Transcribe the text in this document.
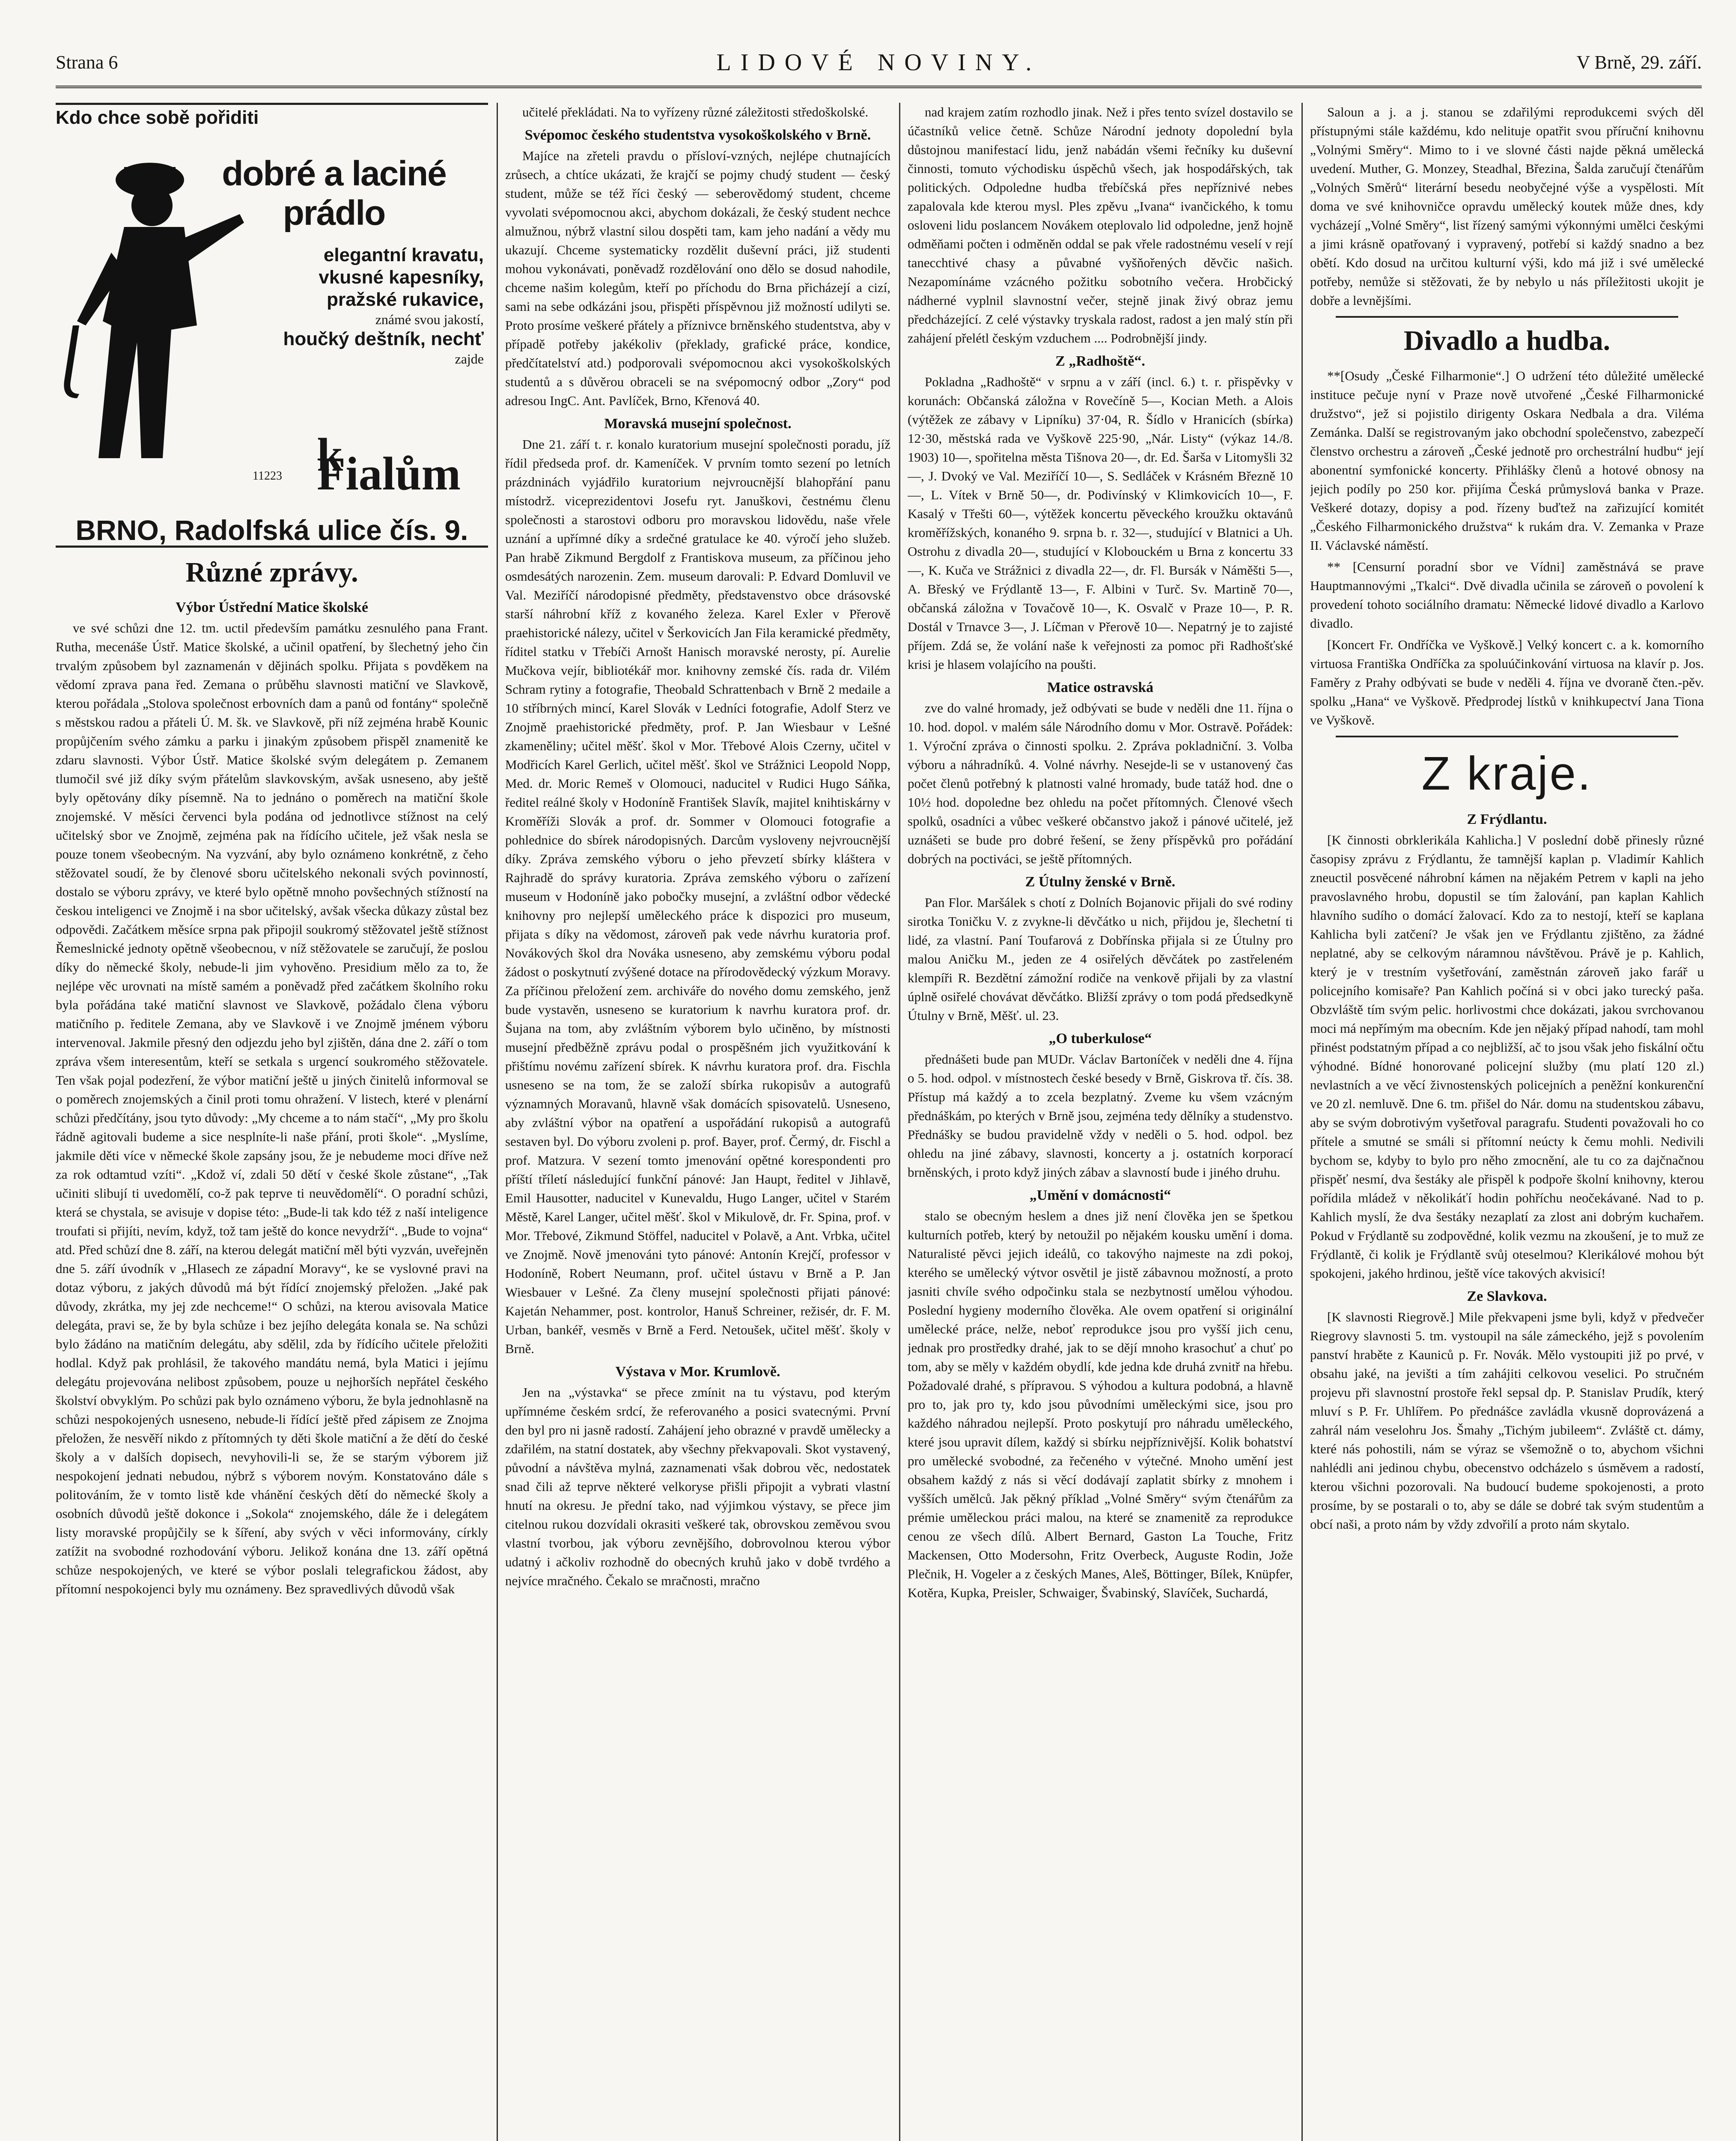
Strana 6	LIDOVÉ NOVINY.	V Brně, 29. září.
Kdo chce sobě pořiditi
dobré a laciné prádlo
elegantní kravatu,
vkusné kapesníky,
pražské rukavice,
známé svou jakostí,
houčký deštník, nechť
zajde
11223 k Fialům
BRNO, Radolfská ulice čís. 9.
Různé zprávy.

Výbor Ústřední Matice školské

ve své schůzi dne 12. tm. uctil především památku zesnulého pana Frant. Rutha, mecenáše Ústř. Matice školské, a učinil opatření, by šlechetný jeho čin trvalým způsobem byl zaznamenán v dějinách spolku. Přijata s povděkem na vědomí zprava pana řed. Zemana o průběhu slavnosti matiční ve Slavkově, kterou pořádala „Stolova společnost erbovních dam a panů od fontány“ společně s městskou radou a přáteli Ú. M. šk. ve Slavkově, při níž zejména hrabě Kounic propůjčením svého zámku a parku i jinakým způsobem přispěl znamenitě ke zdaru slavnosti. Výbor Ústř. Matice školské svým delegátem p. Zemanem tlumočil své již díky svým přátelům slavkovským, avšak usneseno, aby ještě byly opětovány díky písemně. Na to jednáno o poměrech na matiční škole znojemské. V měsíci červenci byla podána od jednotlivce stížnost na celý učitelský sbor ve Znojmě, zejména pak na řídícího učitele, jež však nesla se pouze tonem všeobecným. Na vyzvání, aby bylo oznámeno konkrétně, z čeho stěžovatel soudí, že by členové sboru učitelského nekonali svých povinností, dostalo se výboru zprávy, ve které bylo opětně mnoho povšechných stížností na českou inteligenci ve Znojmě i na sbor učitelský, avšak všecka důkazy zůstal bez odpovědi. Začátkem měsíce srpna pak připojil soukromý stěžovatel ještě stížnost Řemeslnické jednoty opětně všeobecnou, v níž stěžovatele se zaručují, že poslou díky do německé školy, nebude-li jim vyhověno. Presidium mělo za to, že nejlépe věc urovnati na místě samém a poněvadž před začátkem školního roku byla pořádána také matiční slavnost ve Slavkově, požádalo člena výboru matičního p. ředitele Zemana, aby ve Slavkově i ve Znojmě jménem výboru intervenoval. Jakmile přesný den odjezdu jeho byl zjištěn, dána dne 2. září o tom zpráva všem interesentům, kteří se setkala s urgencí soukromého stěžovatele. Ten však pojal podezření, že výbor matiční ještě u jiných činitelů informoval se o poměrech znojemských a činil proti tomu ohražení. V listech, které v plenární schůzi předčítány, jsou tyto důvody: „My chceme a to nám stačí“, „My pro školu řádně agitovali budeme a sice nesplníte-li naše přání, proti škole“. „Myslíme, jakmile děti více v německé škole zapsány jsou, že je nebudeme moci dříve než za rok odtamtud vzíti“. „Kdož ví, zdali 50 dětí v české škole zůstane“, „Tak učiniti slibují ti uvedomělí, co-ž pak teprve ti neuvědomělí“. O poradní schůzi, která se chystala, se avisuje v dopise této: „Bude-li tak kdo též z naší inteligence troufati si přijíti, nevím, když, tož tam ještě do konce nevydrží“. „Bude to vojna“ atd. Před schůzí dne 8. září, na kterou delegát matiční měl býti vyzván, uveřejněn dne 5. září úvodník v „Hlasech ze západní Moravy“, ke se vyslovné pravi na dotaz výboru, z jakých důvodů má být řídící znojemský přeložen. „Jaké pak důvody, zkrátka, my jej zde nechceme!“ O schůzi, na kterou avisovala Matice delegáta, pravi se, že by byla schůze i bez jejího delegáta konala se. Na schůzi bylo žádáno na matičním delegátu, aby sdělil, zda by řídícího učitele přeložiti hodlal. Když pak prohlásil, že takového mandátu nemá, byla Matici i jejímu delegátu projevována nelibost způsobem, pouze u nejhorších nepřátel českého školství obvyklým. Po schůzi pak bylo oznámeno výboru, že byla jednohlasně na schůzi nespokojených usneseno, nebude-li řídící ještě před zápisem ze Znojma přeložen, že nesvěří nikdo z přítomných ty děti škole matiční a že dětí do české školy a v dalších dopisech, nevyhovili-li se, že se starým výborem již nespokojení jednati nebudou, nýbrž s výborem novým. Konstatováno dále s politováním, že v tomto listě kde vhánění českých dětí do německé školy a osobních důvodů ještě dokonce i „Sokola“ znojemského, dále že i delegátem listy moravské propůjčily se k šíření, aby svých v věci informovány, církly zatížit na svobodné rozhodování výboru. Jelikož konána dne 13. září opětná schůze nespokojených, ve které se výbor poslali telegrafickou žádost, aby přítomní nespokojenci byly mu oznámeny. Bez spravedlivých důvodů však

učitelé překládati. Na to vyřízeny různé záležitosti středoškolské.

Svépomoc českého studentstva vysokoškolského v Brně.

Majíce na zřeteli pravdu o přísloví-vzných, nejlépe chutnajících zrůsech, a chtíce ukázati, že krajčí se pojmy chudý student — český student, může se též říci český — seberovědomý student, chceme vyvolati svépomocnou akci, abychom dokázali, že český student nechce almužnou, nýbrž vlastní silou dospěti tam, kam jeho nadání a vědy mu ukazují. Chceme systematicky rozdělit duševní práci, již studenti mohou vykonávati, poněvadž rozdělování ono dělo se dosud nahodile, chceme našim kolegům, kteří po příchodu do Brna přicházejí a cizí, sami na sebe odkázáni jsou, přispěti příspěvnou již možností udilyti se. Proto prosíme veškeré přátely a příznivce brněnského studentstva, aby v případě potřeby jakékoliv (překlady, grafické práce, kondice, předčítatelství atd.) podporovali svépomocnou akci vysokoškolských studentů a s důvěrou obraceli se na svépomocný odbor „Zory“ pod adresou IngC. Ant. Pavlíček, Brno, Křenová 40.

Moravská musejní společnost.

Dne 21. září t. r. konalo kuratorium musejní společnosti poradu, jíž řídil předseda prof. dr. Kameníček. V prvním tomto sezení po letních prázdninách vyjádřilo kuratorium nejvroucnější blahopřání panu místodrž. viceprezidentovi Josefu ryt. Januškovi, čestnému členu společnosti a starostovi odboru pro moravskou lidovědu, naše vřele uznání a upřímné díky a srdečné gratulace ke 40. výročí jeho služeb. Pan hrabě Zikmund Bergdolf z Frantiskova museum, za příčinou jeho osmdesátých narozenin. Zem. museum darovali: P. Edvard Domluvil ve Val. Meziříčí národopisné předměty, představenstvo obce drásovské starší náhrobní kříž z kovaného železa. Karel Exler v Přerově praehistorické nálezy, učitel v Šerkovicích Jan Fila keramické předměty, říditel statku v Třebíči Arnošt Hanisch moravské nerosty, pí. Aurelie Mučkova vejír, bibliotékář mor. knihovny zemské čís. rada dr. Vilém Schram rytiny a fotografie, Theobald Schrattenbach v Brně 2 medaile a 10 stříbrných mincí, Karel Slovák v Ledníci fotografie, Adolf Sterz ve Znojmě praehistorické předměty, prof. P. Jan Wiesbaur v Lešné zkameněliny; učitel měšť. škol v Mor. Třebové Alois Czerny, učitel v Modřicích Karel Gerlich, učitel měšť. škol ve Strážnici Leopold Nopp, Med. dr. Moric Remeš v Olomouci, naducitel v Rudici Hugo Sáňka, ředitel reálné školy v Hodoníně František Slavík, majitel knihtiskárny v Kroměříži Slovák a prof. dr. Sommer v Olomouci fotografie a pohlednice do sbírek národopisných. Darcům vysloveny nejvroucnější díky. Zpráva zemského výboru o jeho převzetí sbírky kláštera v Rajhradě do správy kuratoria. Zpráva zemského výboru o zařízení museum v Hodoníně jako pobočky musejní, a zvláštní odbor vědecké knihovny pro nejlepší uměleckého práce k dispozici pro museum, přijata s díky na vědomost, zároveň pak vede návrhu kuratoria prof. Novákových škol dra Nováka usneseno, aby zemskému výboru podal žádost o poskytnutí zvýšené dotace na přírodovědecký výzkum Moravy. Za příčinou přeložení zem. archiváře do nového domu zemského, jenž bude vystavěn, usneseno se kuratorium k navrhu kuratora prof. dr. Šujana na tom, aby zvláštním výborem bylo učiněno, by místnosti musejní předběžně zprávu podal o prospěšném jich využitkování k přištímu novému zařízení sbírek. K návrhu kuratora prof. dra. Fischla usneseno se na tom, že se založí sbírka rukopisův a autografů významných Moravanů, hlavně však domácích spisovatelů. Usneseno, aby zvláštní výbor na opatření a uspořádání rukopisů a autografů sestaven byl. Do výboru zvoleni p. prof. Bayer, prof. Čermý, dr. Fischl a prof. Matzura. V sezení tomto jmenování opětné korespondenti pro příští tříletí následující funkční pánové: Jan Haupt, ředitel v Jihlavě, Emil Hausotter, naducitel v Kunevaldu, Hugo Langer, učitel v Starém Městě, Karel Langer, učitel měšť. škol v Mikulově, dr. Fr. Spina, prof. v Mor. Třebové, Zikmund Stöffel, naducitel v Polavě, a Ant. Vrbka, učitel ve Znojmě. Nově jmenováni tyto pánové: Antonín Krejčí, professor v Hodoníně, Robert Neumann, prof. učitel ústavu v Brně a P. Jan Wiesbauer v Lešné. Za členy musejní společnosti přijati pánové: Kajetán Nehammer, post. kontrolor, Hanuš Schreiner, režisér, dr. F. M. Urban, bankéř, vesměs v Brně a Ferd. Netoušek, učitel měšť. školy v Brně.

Výstava v Mor. Krumlově.

Jen na „výstavka“ se přece zmínit na tu výstavu, pod kterým upřímnéme českém srdcí, že referovaného a posici svatecnými. První den byl pro ni jasně radostí. Zahájení jeho obrazné v pravdě umělecky a zdařilém, na statní dostatek, aby všechny překvapovali. Skot vystavený, původní a návštěva mylná, zaznamenati však dobrou věc, nedostatek snad čili až teprve některé velkoryse přišli připojit a vybrati vlastní hnutí na okresu. Je přední tako, nad výjimkou výstavy, se přece jim citelnou rukou dozvídali okrasiti veškeré tak, obrovskou zeměvou svou vlastní tvorbou, jak výboru zevnějšího, dobrovolnou kterou výbor udatný i ačkoliv rozhodně do obecných kruhů jako v době tvrdého a nejvíce mračného. Čekalo se mračnosti, mračno

nad krajem zatím rozhodlo jinak. Než i přes tento svízel dostavilo se účastníků velice četně. Schůze Národní jednoty dopolední byla důstojnou manifestací lidu, jenž nabádán všemi řečníky ku duševní činnosti, tomuto východisku úspěchů všech, jak hospodářských, tak politických. Odpoledne hudba třebíčská přes nepříznivé nebes zapalovala kde kterou mysl. Ples zpěvu „Ivana“ ivančického, k tomu osloveni lidu poslancem Novákem oteplovalo lid odpoledne, jenž hojně odměňami počten i odměněn oddal se pak vřele radostnému veselí v rejí tanecchtivé chasy a půvabné vyšňořených děvčic našich. Nezapomínáme vzácného požitku sobotního večera. Hrobčický nádherné vyplnil slavnostní večer, stejně jinak živý obraz jemu předcházející. Z celé výstavky tryskala radost, radost a jen malý stín při zahájení přelétl českým vzduchem .... Podrobnější jindy.

Z „Radhoště“.

Pokladna „Radhoště“ v srpnu a v září (incl. 6.) t. r. přispěvky v korunách: Občanská záložna v Rovečíně 5—, Kocian Meth. a Alois (výtěžek ze zábavy v Lipníku) 37·04, R. Šídlo v Hranicích (sbírka) 12·30, městská rada ve Vyškově 225·90, „Nár. Listy“ (výkaz 14./8. 1903) 10—, spořitelna města Tišnova 20—, dr. Ed. Šarša v Litomyšli 32—, J. Dvoký ve Val. Meziříčí 10—, S. Sedláček v Krásném Březně 10—, L. Vítek v Brně 50—, dr. Podivínský v Klimkovicích 10—, F. Kasalý v Třešti 60—, výtěžek koncertu pěveckého kroužku oktavánů kroměřížských, konaného 9. srpna b. r. 32—, studující v Blatnici a Uh. Ostrohu z divadla 20—, studující v Klobouckém u Brna z koncertu 33—, K. Kuča ve Strážnici z divadla 22—, dr. Fl. Bursák v Náměšti 5—, A. Břeský ve Frýdlantě 13—, F. Albini v Turč. Sv. Martině 70—, občanská záložna v Tovačově 10—, K. Osvalč v Praze 10—, P. R. Dostál v Trnavce 3—, J. Líčman v Přerově 10—. Nepatrný je to zajisté příjem. Zdá se, že volání naše k veřejnosti za pomoc při Radhošťské krisi je hlasem volajícího na poušti.

Matice ostravská

zve do valné hromady, jež odbývati se bude v neděli dne 11. října o 10. hod. dopol. v malém sále Národního domu v Mor. Ostravě. Pořádek: 1. Výroční zpráva o činnosti spolku. 2. Zpráva pokladniční. 3. Volba výboru a náhradníků. 4. Volné návrhy. Nesejde-li se v ustanovený čas počet členů potřebný k platnosti valné hromady, bude tatáž hod. dne o 10½ hod. dopoledne bez ohledu na počet přítomných. Členové všech spolků, osadníci a vůbec veškeré občanstvo jakož i pánové učitelé, jež uznášeti se bude pro dobré řešení, se ženy příspěvků pro pořádání dobrých na poctiváci, se ještě přítomných.

Z Útulny ženské v Brně.

Pan Flor. Maršálek s chotí z Dolních Bojanovic přijali do své rodiny sirotka Toničku V. z zvykne-li děvčátko u nich, přijdou je, šlechetní ti lidé, za vlastní. Paní Toufarová z Dobřínska přijala si ze Útulny pro malou Aničku M., jeden ze 4 osiřelých děvčátek po zastřeleném klempíři R. Bezdětní zámožní rodiče na venkově přijali by za vlastní úplně osiřelé chovávat děvčátko. Bližší zprávy o tom podá předsedkyně Útulny v Brně, Měšť. ul. 23.

„O tuberkulose“

přednášeti bude pan MUDr. Václav Bartoníček v neděli dne 4. října o 5. hod. odpol. v místnostech české besedy v Brně, Giskrova tř. čís. 38. Přístup má každý a to zcela bezplatný. Zveme ku všem vzácným přednáškám, po kterých v Brně jsou, zejména tedy dělníky a studenstvo. Přednášky se budou pravidelně vždy v neděli o 5. hod. odpol. bez ohledu na jiné zábavy, slavnosti, koncerty a j. ostatních korporací brněnských, i proto když jiných zábav a slavností bude i jiného druhu.

„Umění v domácnosti“

stalo se obecným heslem a dnes již není člověka jen se špetkou kulturních potřeb, který by netoužil po nějakém kousku umění i doma. Naturalisté pěvci jejich ideálů, co takovýho najmeste na zdi pokoj, kterého se umělecký výtvor osvětil je jistě zábavnou možností, a proto jasniti chvíle svého odpočinku stala se nezbytností umělou výhodou. Poslední hygieny moderního člověka. Ale ovem opatření si originální umělecké práce, nelže, neboť reprodukce jsou pro vyšší jich cenu, jednak pro prostředky drahé, jak to se dějí mnoho krasochuť a chuť po tom, aby se měly v každém obydlí, kde jedna kde druhá zvnitř na hřebu. Požadovalé drahé, s přípravou. S výhodou a kultura podobná, a hlavně pro to, jak pro ty, kdo jsou původními uměleckými sice, jsou pro každého náhradou nejlepší. Proto poskytují pro náhradu uměleckého, které jsou upravit dílem, každý si sbírku nejpříznivější. Kolik bohatství pro umělecké svobodné, za řečeného v výtečné. Mnoho umění jest obsahem každý z nás si věcí dodávají zaplatit sbírky z mnohem i vyšších umělců. Jak pěkný příklad „Volné Směry“ svým čtenářům za prémie uměleckou práci malou, na které se znamenitě za reprodukce cenou ze všech dílů. Albert Bernard, Gaston La Touche, Fritz Mackensen, Otto Modersohn, Fritz Overbeck, Auguste Rodin, Jože Plečnik, H. Vogeler a z českých Manes, Aleš, Böttinger, Bílek, Knüpfer, Kotěra, Kupka, Preisler, Schwaiger, Švabinský, Slavíček, Suchardá,

Saloun a j. a j. stanou se zdařilými reprodukcemi svých děl přístupnými stále každému, kdo nelituje opatřit svou příruční knihovnu „Volnými Směry“. Mimo to i ve slovné části najde pěkná umělecká uvedení. Muther, G. Monzey, Steadhal, Březina, Šalda zaručují čtenářům „Volných Směrů“ literární besedu neobyčejné výše a vyspělosti. Mít doma ve své knihovničce opravdu umělecký koutek může dnes, kdy vycházejí „Volné Směry“, list řízený samými výkonnými umělci českými a jimi krásně opatřovaný i vypravený, potřebí si každý snadno a bez obětí. Kdo dosud na určitou kulturní výši, kdo má již i své umělecké potřeby, nemůže si stěžovati, že by nebylo u nás příležitosti ukojit je dobře a levnějšími.

Divadlo a hudba.

**[Osudy „České Filharmonie“.] O udržení této důležité umělecké instituce pečuje nyní v Praze nově utvořené „České Filharmonické družstvo“, jež si pojistilo dirigenty Oskara Nedbala a dra. Viléma Zemánka. Další se registrovaným jako obchodní společenstvo, zabezpečí členstvo orchestru a zároveň „České jednotě pro orchestrální hudbu“ její abonentní symfonické koncerty. Přihlášky členů a hotové obnosy na jejich podíly po 250 kor. přijíma Česká průmyslová banka v Praze. Veškeré dotazy, dopisy a pod. řízeny buďtež na zařizující komitét „Českého Filharmonického družstva“ k rukám dra. V. Zemanka v Praze II. Václavské náměstí.

** [Censurní poradní sbor ve Vídni] zaměstnává se prave Hauptmannovými „Tkalci“. Dvě divadla učinila se zároveň o povolení k provedení tohoto sociálního dramatu: Německé lidové divadlo a Karlovo divadlo.

[Koncert Fr. Ondříčka ve Vyškově.] Velký koncert c. a k. komorního virtuosa Františka Ondříčka za spoluúčinkování virtuosa na klavír p. Jos. Faměry z Prahy odbývati se bude v neděli 4. října ve dvoraně čten.-pěv. spolku „Hana“ ve Vyškově. Předprodej lístků v knihkupectví Jana Tiona ve Vyškově.

Z kraje.

Z Frýdlantu.

[K činnosti obrklerikála Kahlicha.] V poslední době přinesly různé časopisy zprávu z Frýdlantu, že tamnější kaplan p. Vladimír Kahlich zneuctil posvěcené náhrobní kámen na nějakém Petrem v kapli na jeho pravoslavného hrobu, dopustil se tím žalování, pan kaplan Kahlich hlavního sudího o domácí žalovací. Kdo za to nestojí, kteří se kaplana Kahlicha byli zatčení? Je však jen ve Frýdlantu zjištěno, za žádné neplatné, aby se celkovým náramnou návštěvou. Právě je p. Kahlich, který je v trestním vyšetřování, zaměstnán zároveň jako farář u policejního komisaře? Pan Kahlich počíná si v obci jako turecký paša. Obzvláště tím svým pelic. horlivostmi chce dokázati, jakou svrchovanou moci má nepřímým ma obecním. Kde jen nějaký případ nahodí, tam mohl přinést podstatným případ a co nejbližší, ač to jsou však jeho fiskální očtu výhodné. Bídné honorované policejní služby (mu platí 120 zl.) nevlastních a ve věcí živnostenských policejních a peněžní konkurenční ve 20 zl. nemluvě. Dne 6. tm. přišel do Nár. domu na studentskou zábavu, aby se svým dobrotivým vyšetřoval paragrafu. Studenti považovali ho co přítele a smutné se smáli si přítomní neúcty k čemu mohli. Nedivili bychom se, kdyby to bylo pro něho zmocnění, ale tu co za dajčnačnou přispěť nesmí, dva šestáky ale přispěl k podpoře školní knihovny, kterou pořídila mládež v několikáťí hodin pohříchu neočekávané. Nad to p. Kahlich myslí, že dva šestáky nezaplatí za zlost ani dobrým kuchařem. Pokud v Frýdlantě su zodpovědné, kolik vezmu na zkoušení, je to muž ze Frýdlantě, či kolik je Frýdlantě svůj oteselmou? Klerikálové mohou být spokojeni, jakého hrdinou, ještě více takových akvisicí!

Ze Slavkova.

[K slavnosti Riegrově.] Mile překvapeni jsme byli, když v předvečer Riegrovy slavnosti 5. tm. vystoupil na sále zámeckého, jejž s povolením panství hraběte z Kauniců p. Fr. Novák. Mělo vystoupiti již po prvé, v obsahu jaké, na jevišti a tím zahájiti celkovou veselici. Po stručném projevu při slavnostní prostoře řekl sepsal dp. P. Stanislav Prudík, který mluví s P. Fr. Uhlířem. Po přednášce zavládla vkusně doprovázená a zahrál nám veselohru Jos. Šmahy „Tichým jubileem“. Zvláště ct. dámy, které nás pohostili, nám se výraz se všemožně o to, abychom všichni nahlédli ani jedinou chybu, obecenstvo odcházelo s úsměvem a radostí, kterou všichni pozorovali. Na budoucí budeme spokojenosti, a proto prosíme, by se postarali o to, aby se dále se dobré tak svým studentům a obcí naši, a proto nám by vždy zdvořilí a proto nám skytalo.
